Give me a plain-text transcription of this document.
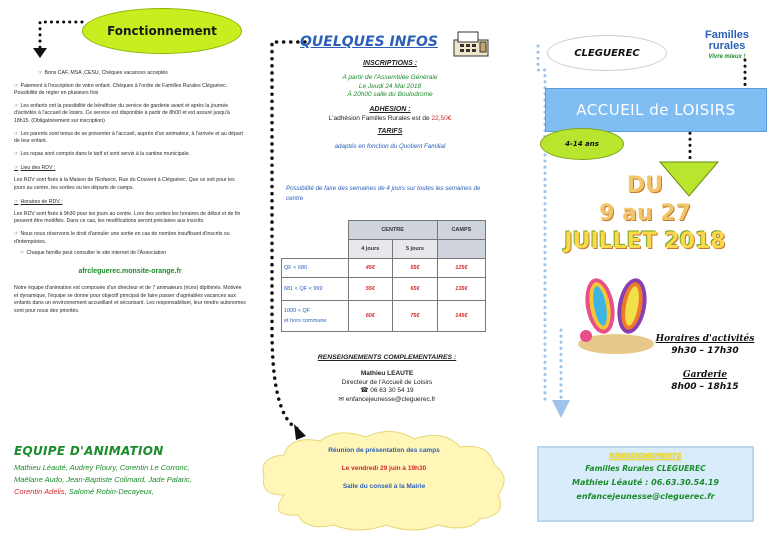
Fonctionnement

☞ Bons CAF, MSA ,CESU, Chèques vacances acceptés

☞ Paiement à l'inscription de votre enfant. Chèques à l'ordre de Familles Rurales Cléguérec. Possibilité de régler en plusieurs fois

☞ Les enfants ont la possibilité de bénéficier du service de garderie avant et après la journée d'activités à l'accueil de loisirs. Ce service est disponible à partir de 8h00 et est assuré jusqu'à 18h15. (Obligatoirement sur inscription)

☞ Les parents sont tenus de se présenter à l'accueil, auprès d'un animateur, à l'arrivée et au départ de leur enfant.

☞ Les repas sont compris dans le tarif et sont servis à la cantine municipale.

☞ Lieu des RDV :

Les RDV sont fixés à la Maison de l'Enfance, Rue du Couvent à Cléguérec. Que ce soit pour les jours au centre, les sorties ou les départs de camps.

☞ Horaires de RDV :

Les RDV sont fixés à 9h30 pour les jours au centre. Lors des sorties les horaires de début et de fin peuvent être modifiés. Dans ce cas, les modifications seront précisées aux inscrits.

☞ Nous nous réservons le droit d'annuler une sortie en cas de nombre insuffisant d'inscrits ou d'intempéries.

☞ Chaque famille peut consulter le site internet de l'Association

afrcleguerec.monsite-orange.fr

Notre équipe d'animation est composée d'un directeur et de 7 animateurs (rices) diplômés. Motivée et dynamique, l'équipe se donne pour objectif principal de faire passer d'agréables vacances aux enfants dans un environnement accueillant et sécurisant. Les responsabiliser, leur rendre autonomes sont pour nous des priorités.

EQUIPE D'ANIMATION
Mathieu Léauté, Audrey Floury, Corentin Le Corronc,
Maëlane Audo, Jean-Baptiste Colimard, Jade Palaric,
Corentin Adelis, Salomé Robin-Decayeux,
QUELQUES INFOS
INSCRIPTIONS :
A partir de l'Assemblée Générale
Le Jeudi 24 Mai 2018
À 20h00 salle du Boulodrome
ADHESION :
L'adhésion Familles Rurales est de 22,50€
TARIFS
adaptés en fonction du Quotient Familial
Possibilité de faire des semaines de 4 jours sur toutes les semaines de centre
	CENTRE		CAMPS
	4 jours	5 jours	
QF < 680	45€	55€	125€
681 < QF < 999	55€	65€	135€

1000 < QF
et hors commune	60€	75€	145€
RENSEIGNEMENTS COMPLEMENTAIRES :
Mathieu LEAUTE
Directeur de l'Accueil de Loisirs
☎ 06 63 30 54 19
✉ enfancejeunesse@cleguerec.fr
Réunion de présentation des camps
Le vendredi 29 juin à 19h30
Salle du conseil à la Mairie
CLEGUEREC
Familles
rurales
Vivre mieux !
ACCUEIL de LOISIRS
4-14 ans
DU
9 au 27
JUILLET 2018
Horaires d'activités
9h30 – 17h30
Garderie
8h00 – 18h15
RENSEIGNEMENTS
Familles Rurales CLEGUEREC
Mathieu Léauté : 06.63.30.54.19
enfancejeunesse@cleguerec.fr
